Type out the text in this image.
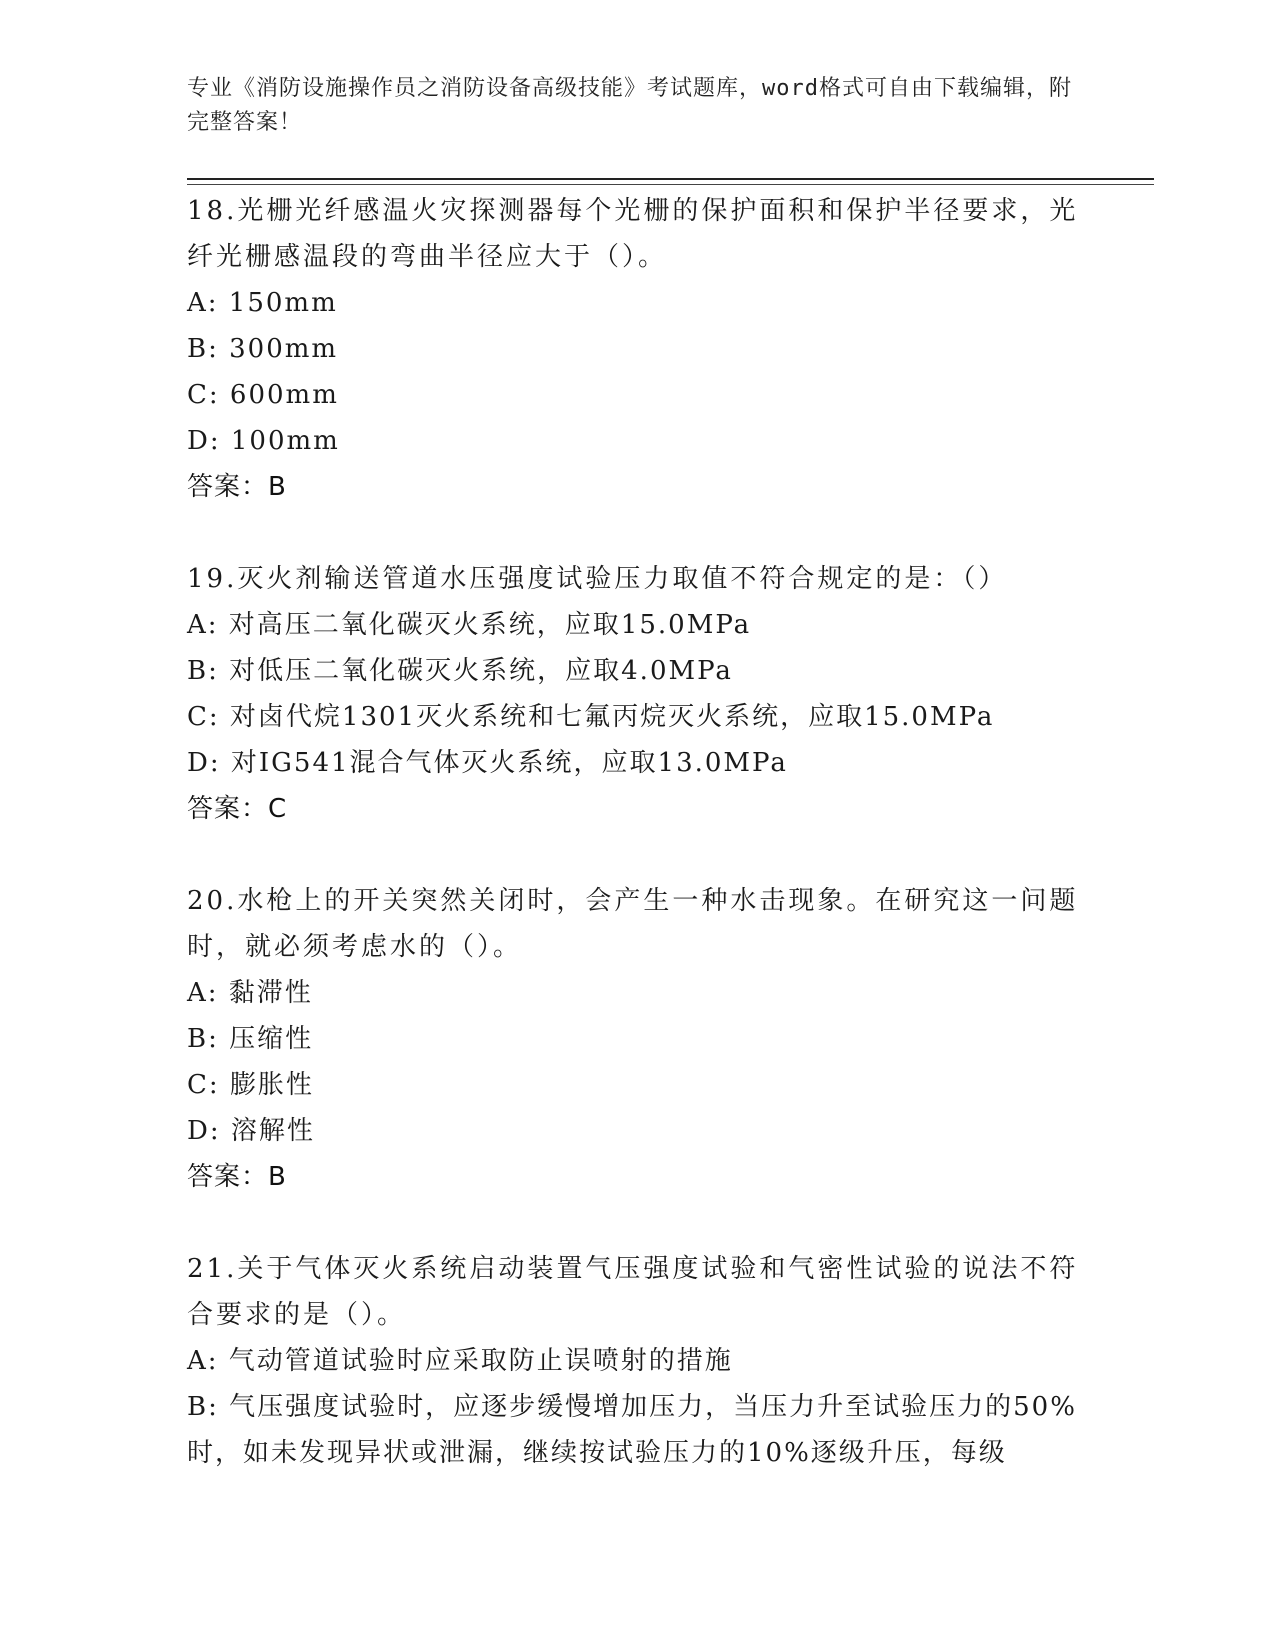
专业《消防设施操作员之消防设备高级技能》考试题库，word格式可自由下载编辑，附完整答案！

18.光栅光纤感温火灾探测器每个光栅的保护面积和保护半径要求，光纤光栅感温段的弯曲半径应大于（）。

A: 150mm

B: 300mm

C: 600mm

D: 100mm

答案：B

19.灭火剂输送管道水压强度试验压力取值不符合规定的是：（）

A: 对高压二氧化碳灭火系统，应取15.0MPa

B: 对低压二氧化碳灭火系统，应取4.0MPa

C: 对卤代烷1301灭火系统和七氟丙烷灭火系统，应取15.0MPa

D: 对IG541混合气体灭火系统，应取13.0MPa

答案：C

20.水枪上的开关突然关闭时，会产生一种水击现象。在研究这一问题时，就必须考虑水的（）。

A: 黏滞性

B: 压缩性

C: 膨胀性

D: 溶解性

答案：B

21.关于气体灭火系统启动装置气压强度试验和气密性试验的说法不符合要求的是（）。

A: 气动管道试验时应采取防止误喷射的措施

B: 气压强度试验时，应逐步缓慢增加压力，当压力升至试验压力的50%时，如未发现异状或泄漏，继续按试验压力的10%逐级升压，每级
